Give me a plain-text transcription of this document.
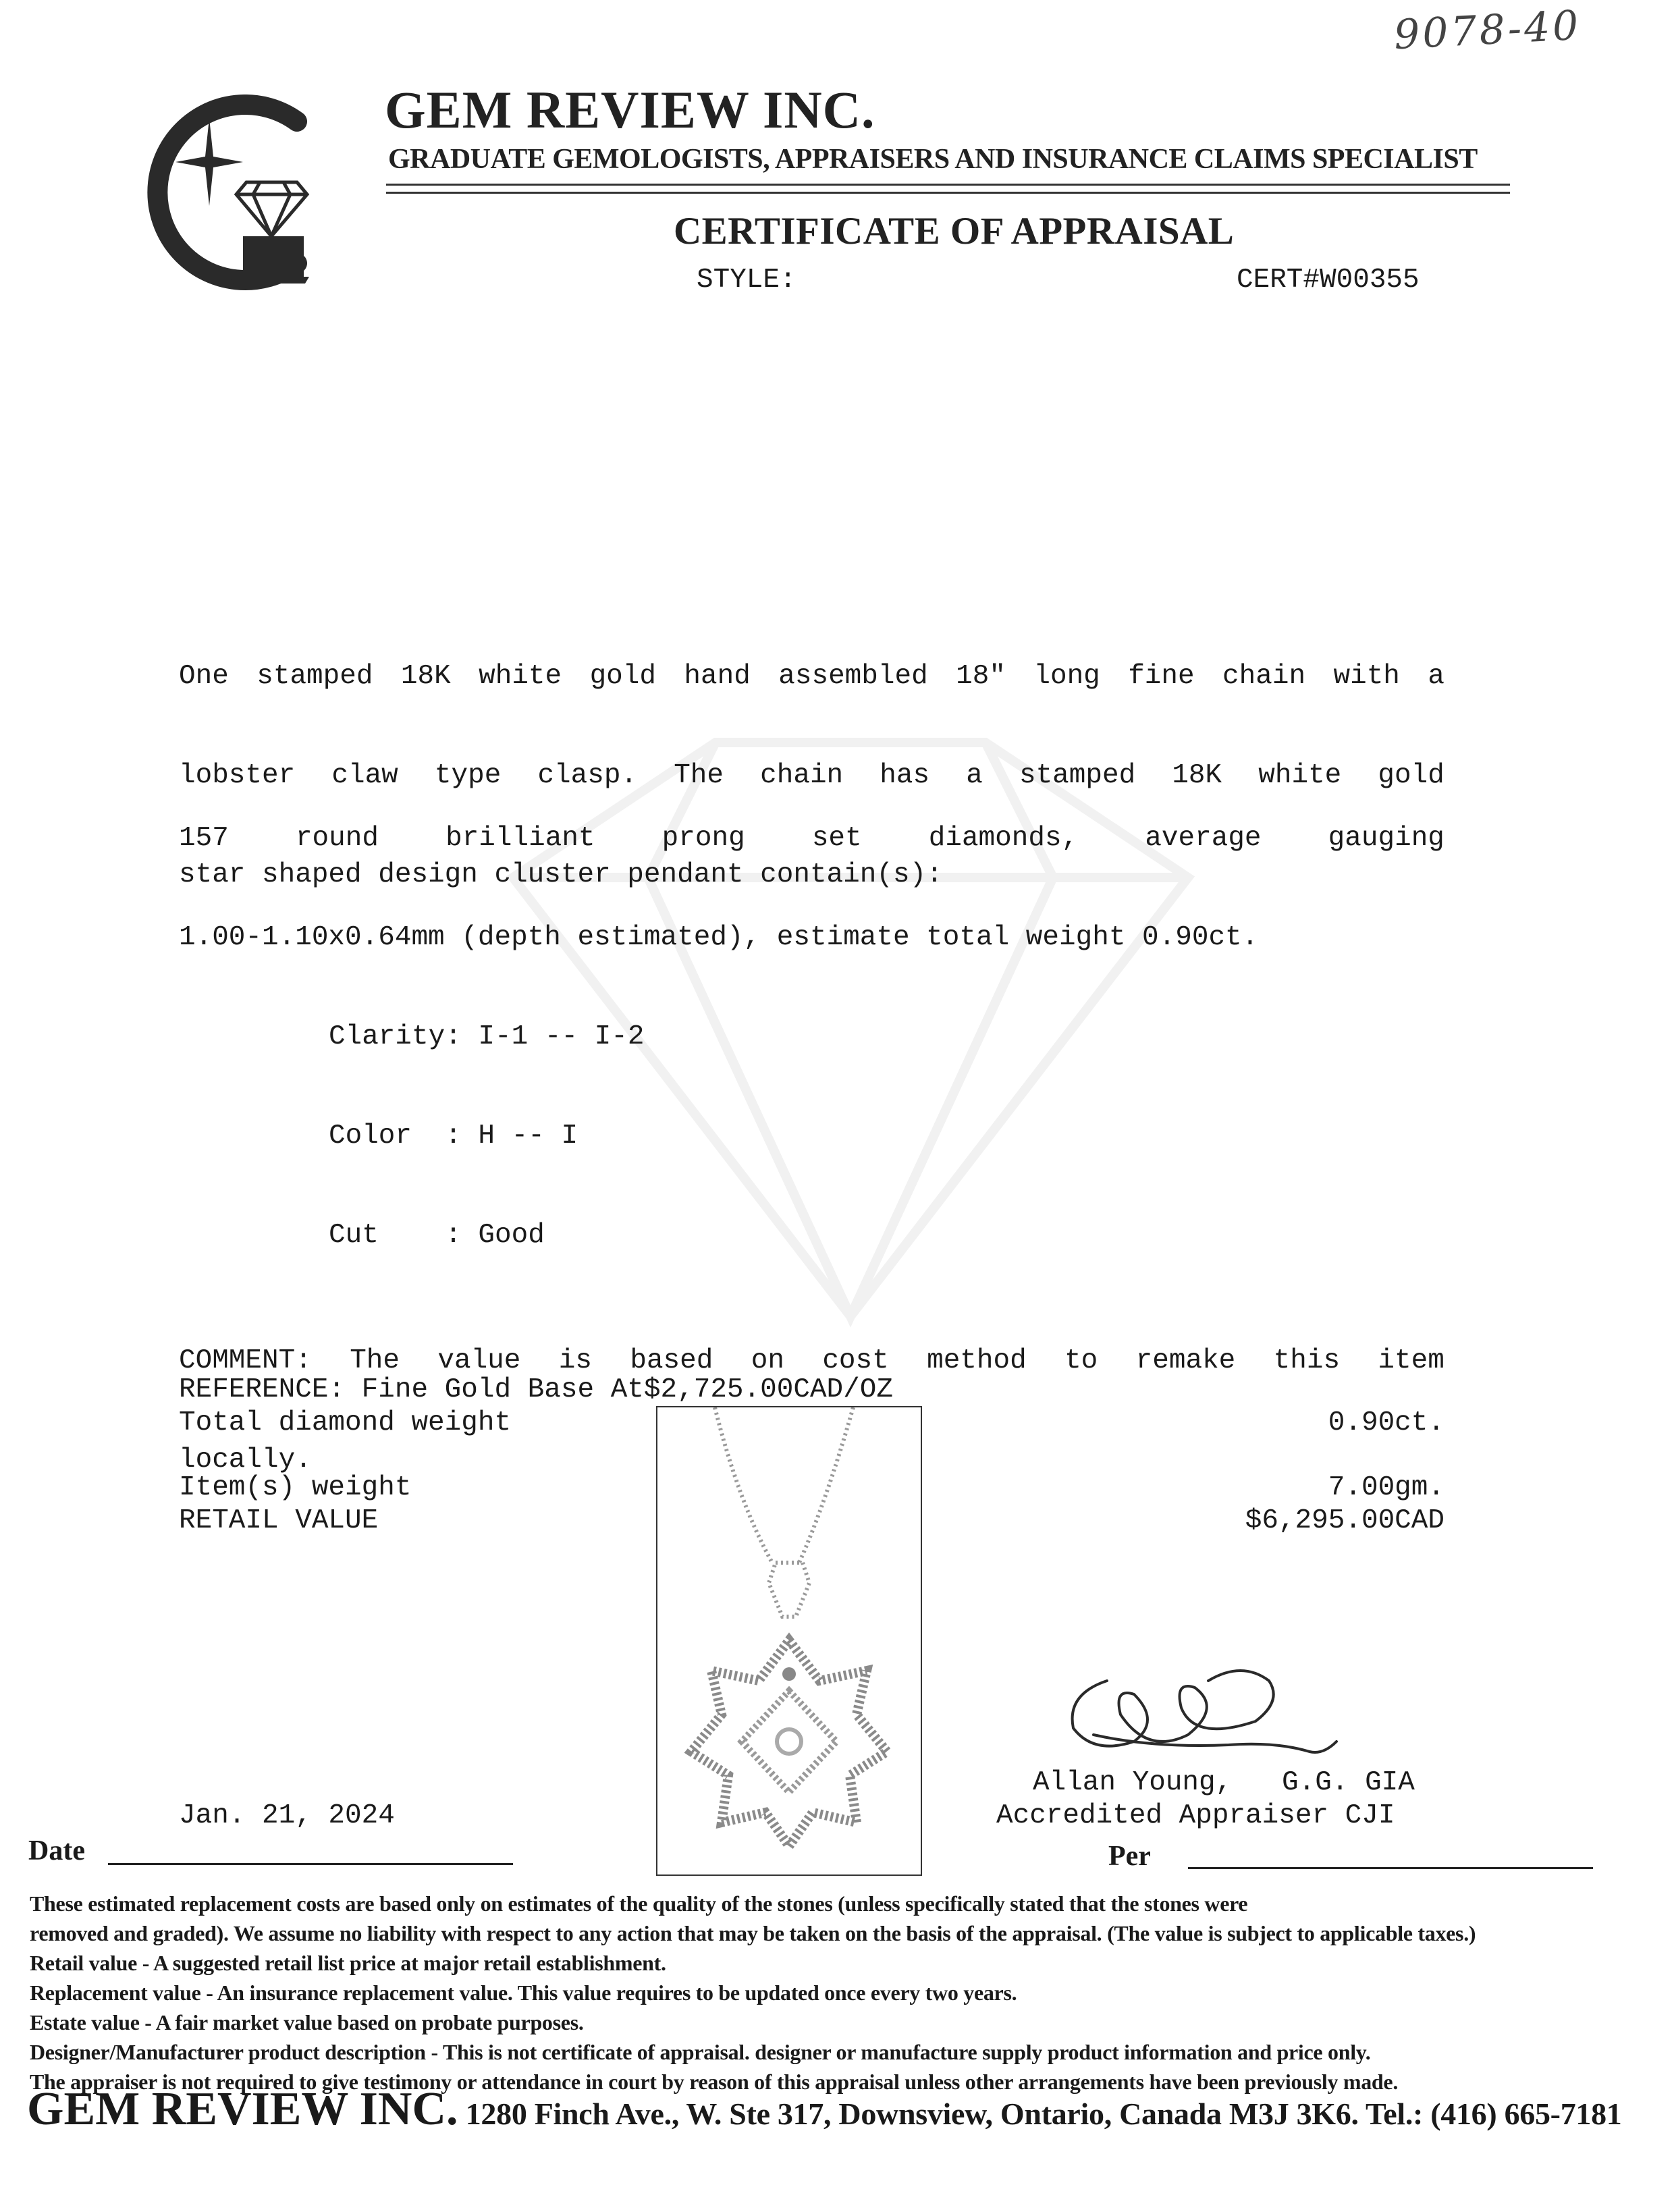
9078-40
GEM REVIEW INC.
GRADUATE GEMOLOGISTS, APPRAISERS AND INSURANCE CLAIMS SPECIALIST
CERTIFICATE OF APPRAISAL
STYLE:	CERT#W00355

One stamped 18K white gold hand assembled 18" long fine chain with a

lobster claw type clasp. The chain has a stamped 18K white gold

star shaped design cluster pendant contain(s):

157 round brilliant prong set diamonds, average gauging

1.00-1.10x0.64mm (depth estimated), estimate total weight 0.90ct.

Clarity: I-1 -- I-2

Color  : H -- I

Cut    : Good

COMMENT: The value is based on cost method to remake this item

locally.

REFERENCE: Fine Gold Base At$2,725.00CAD/OZ
Total diamond weight	0.90ct.
Item(s) weight	7.00gm.
RETAIL VALUE	$6,295.00CAD
Allan Young,   G.G. GIA
Accredited Appraiser CJI
Jan. 21, 2024
Date	Per
These estimated replacement costs are based only on estimates of the quality of the stones (unless specifically stated that the stones were
removed and graded). We assume no liability with respect to any action that may be taken on the basis of the appraisal. (The value is subject to applicable taxes.)
Retail value - A suggested retail list price at major retail establishment.
Replacement value - An insurance replacement value. This value requires to be updated once every two years.
Estate value - A fair market value based on probate purposes.
Designer/Manufacturer product description - This is not certificate of appraisal. designer or manufacture supply product information and price only.
The appraiser is not required to give testimony or attendance in court by reason of this appraisal unless other arrangements have been previously made.
GEM REVIEW INC. 1280 Finch Ave., W. Ste 317, Downsview, Ontario, Canada M3J 3K6. Tel.: (416) 665-7181
